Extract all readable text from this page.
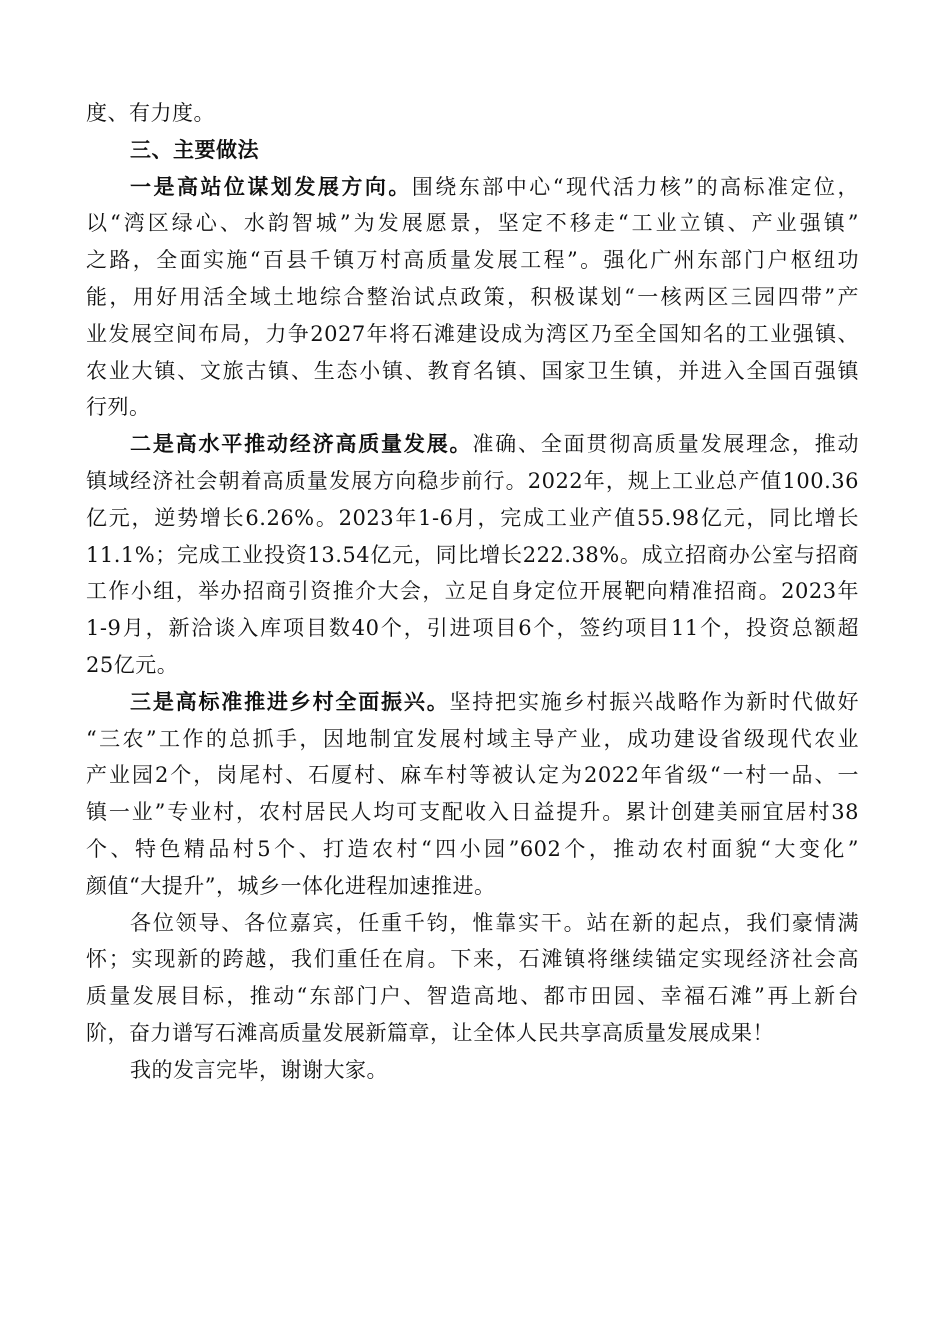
度、有力度。
三、主要做法
一是高站位谋划发展方向。围绕东部中心“现代活力核”的高标准定位，
以“湾区绿心、水韵智城”为发展愿景，坚定不移走“工业立镇、产业强镇”
之路，全面实施“百县千镇万村高质量发展工程”。强化广州东部门户枢纽功
能，用好用活全域土地综合整治试点政策，积极谋划“一核两区三园四带”产
业发展空间布局，力争2027年将石滩建设成为湾区乃至全国知名的工业强镇、
农业大镇、文旅古镇、生态小镇、教育名镇、国家卫生镇，并进入全国百强镇
行列。
二是高水平推动经济高质量发展。准确、全面贯彻高质量发展理念，推动
镇域经济社会朝着高质量发展方向稳步前行。2022年，规上工业总产值100.36
亿元，逆势增长6.26%。2023年1-6月，完成工业产值55.98亿元，同比增长
11.1%；完成工业投资13.54亿元，同比增长222.38%。成立招商办公室与招商
工作小组，举办招商引资推介大会，立足自身定位开展靶向精准招商。2023年
1-9月，新洽谈入库项目数40个，引进项目6个，签约项目11个，投资总额超
25亿元。
三是高标准推进乡村全面振兴。坚持把实施乡村振兴战略作为新时代做好
“三农”工作的总抓手，因地制宜发展村域主导产业，成功建设省级现代农业
产业园2个，岗尾村、石厦村、麻车村等被认定为2022年省级“一村一品、一
镇一业”专业村，农村居民人均可支配收入日益提升。累计创建美丽宜居村38
个、特色精品村5个、打造农村“四小园”602个，推动农村面貌“大变化”
颜值“大提升”，城乡一体化进程加速推进。
各位领导、各位嘉宾，任重千钧，惟靠实干。站在新的起点，我们豪情满
怀；实现新的跨越，我们重任在肩。下来，石滩镇将继续锚定实现经济社会高
质量发展目标，推动“东部门户、智造高地、都市田园、幸福石滩”再上新台
阶，奋力谱写石滩高质量发展新篇章，让全体人民共享高质量发展成果！
我的发言完毕，谢谢大家。
